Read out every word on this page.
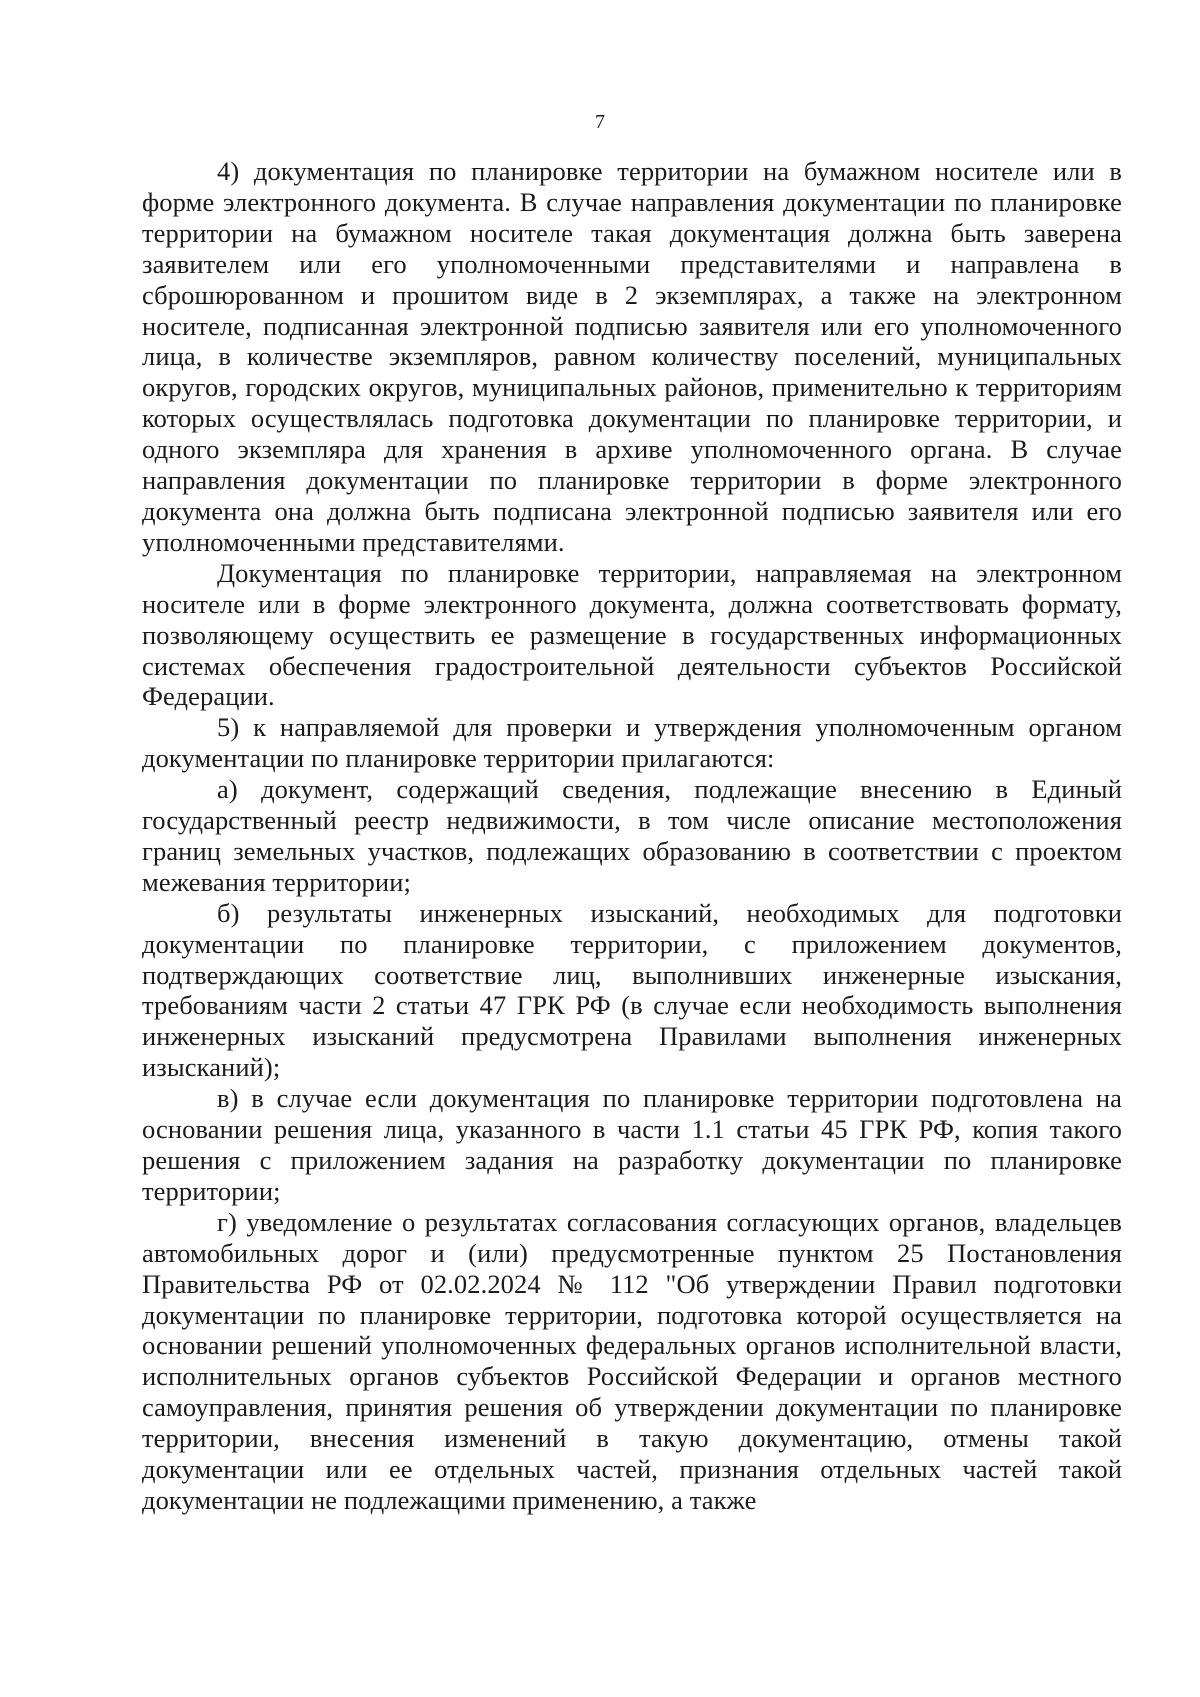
7

4) документация по планировке территории на бумажном носителе или в форме электронного документа. В случае направления документации по планировке территории на бумажном носителе такая документация должна быть заверена заявителем или его уполномоченными представителями и направлена в сброшюрованном и прошитом виде в 2 экземплярах, а также на электронном носителе, подписанная электронной подписью заявителя или его уполномоченного лица, в количестве экземпляров, равном количеству поселений, муниципальных округов, городских округов, муниципальных районов, применительно к территориям которых осуществлялась подготовка документации по планировке территории, и одного экземпляра для хранения в архиве уполномоченного органа. В случае направления документации по планировке территории в форме электронного документа она должна быть подписана электронной подписью заявителя или его уполномоченными представителями.

Документация по планировке территории, направляемая на электронном носителе или в форме электронного документа, должна соответствовать формату, позволяющему осуществить ее размещение в государственных информационных системах обеспечения градостроительной деятельности субъектов Российской Федерации.

5) к направляемой для проверки и утверждения уполномоченным органом документации по планировке территории прилагаются:

а) документ, содержащий сведения, подлежащие внесению в Единый государственный реестр недвижимости, в том числе описание местоположения границ земельных участков, подлежащих образованию в соответствии с проектом межевания территории;

б) результаты инженерных изысканий, необходимых для подготовки документации по планировке территории, с приложением документов, подтверждающих соответствие лиц, выполнивших инженерные изыскания, требованиям части 2 статьи 47 ГРК РФ (в случае если необходимость выполнения инженерных изысканий предусмотрена Правилами выполнения инженерных изысканий);

в) в случае если документация по планировке территории подготовлена на основании решения лица, указанного в части 1.1 статьи 45 ГРК РФ, копия такого решения с приложением задания на разработку документации по планировке территории;

г) уведомление о результатах согласования согласующих органов, владельцев автомобильных дорог и (или) предусмотренные пунктом 25 Постановления Правительства РФ от 02.02.2024 № 112 "Об утверждении Правил подготовки документации по планировке территории, подготовка которой осуществляется на основании решений уполномоченных федеральных органов исполнительной власти, исполнительных органов субъектов Российской Федерации и органов местного самоуправления, принятия решения об утверждении документации по планировке территории, внесения изменений в такую документацию, отмены такой документации или ее отдельных частей, признания отдельных частей такой документации не подлежащими применению, а также
